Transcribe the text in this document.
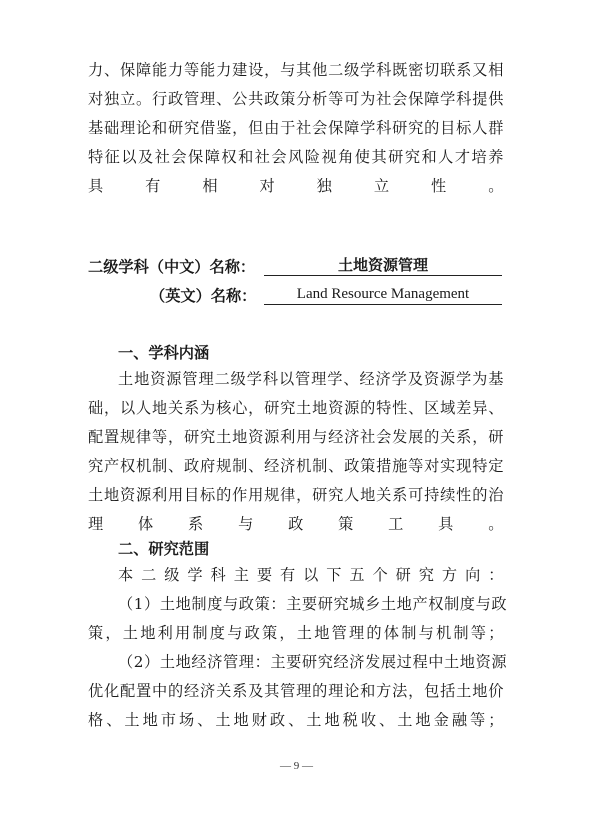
力、保障能力等能力建设，与其他二级学科既密切联系又相
对独立。行政管理、公共政策分析等可为社会保障学科提供
基础理论和研究借鉴，但由于社会保障学科研究的目标人群
特征以及社会保障权和社会风险视角使其研究和人才培养
具有相对独立性。
二级学科（中文）名称：	土地资源管理
（英文）名称：	Land Resource Management
一、学科内涵
土地资源管理二级学科以管理学、经济学及资源学为基
础，以人地关系为核心，研究土地资源的特性、区域差异、
配置规律等，研究土地资源利用与经济社会发展的关系，研
究产权机制、政府规制、经济机制、政策措施等对实现特定
土地资源利用目标的作用规律，研究人地关系可持续性的治
理体系与政策工具。
二、研究范围
本二级学科主要有以下五个研究方向：
（1）土地制度与政策：主要研究城乡土地产权制度与政
策，土地利用制度与政策，土地管理的体制与机制等；
（2）土地经济管理：主要研究经济发展过程中土地资源
优化配置中的经济关系及其管理的理论和方法，包括土地价
格、土地市场、土地财政、土地税收、土地金融等；
— 9 —
